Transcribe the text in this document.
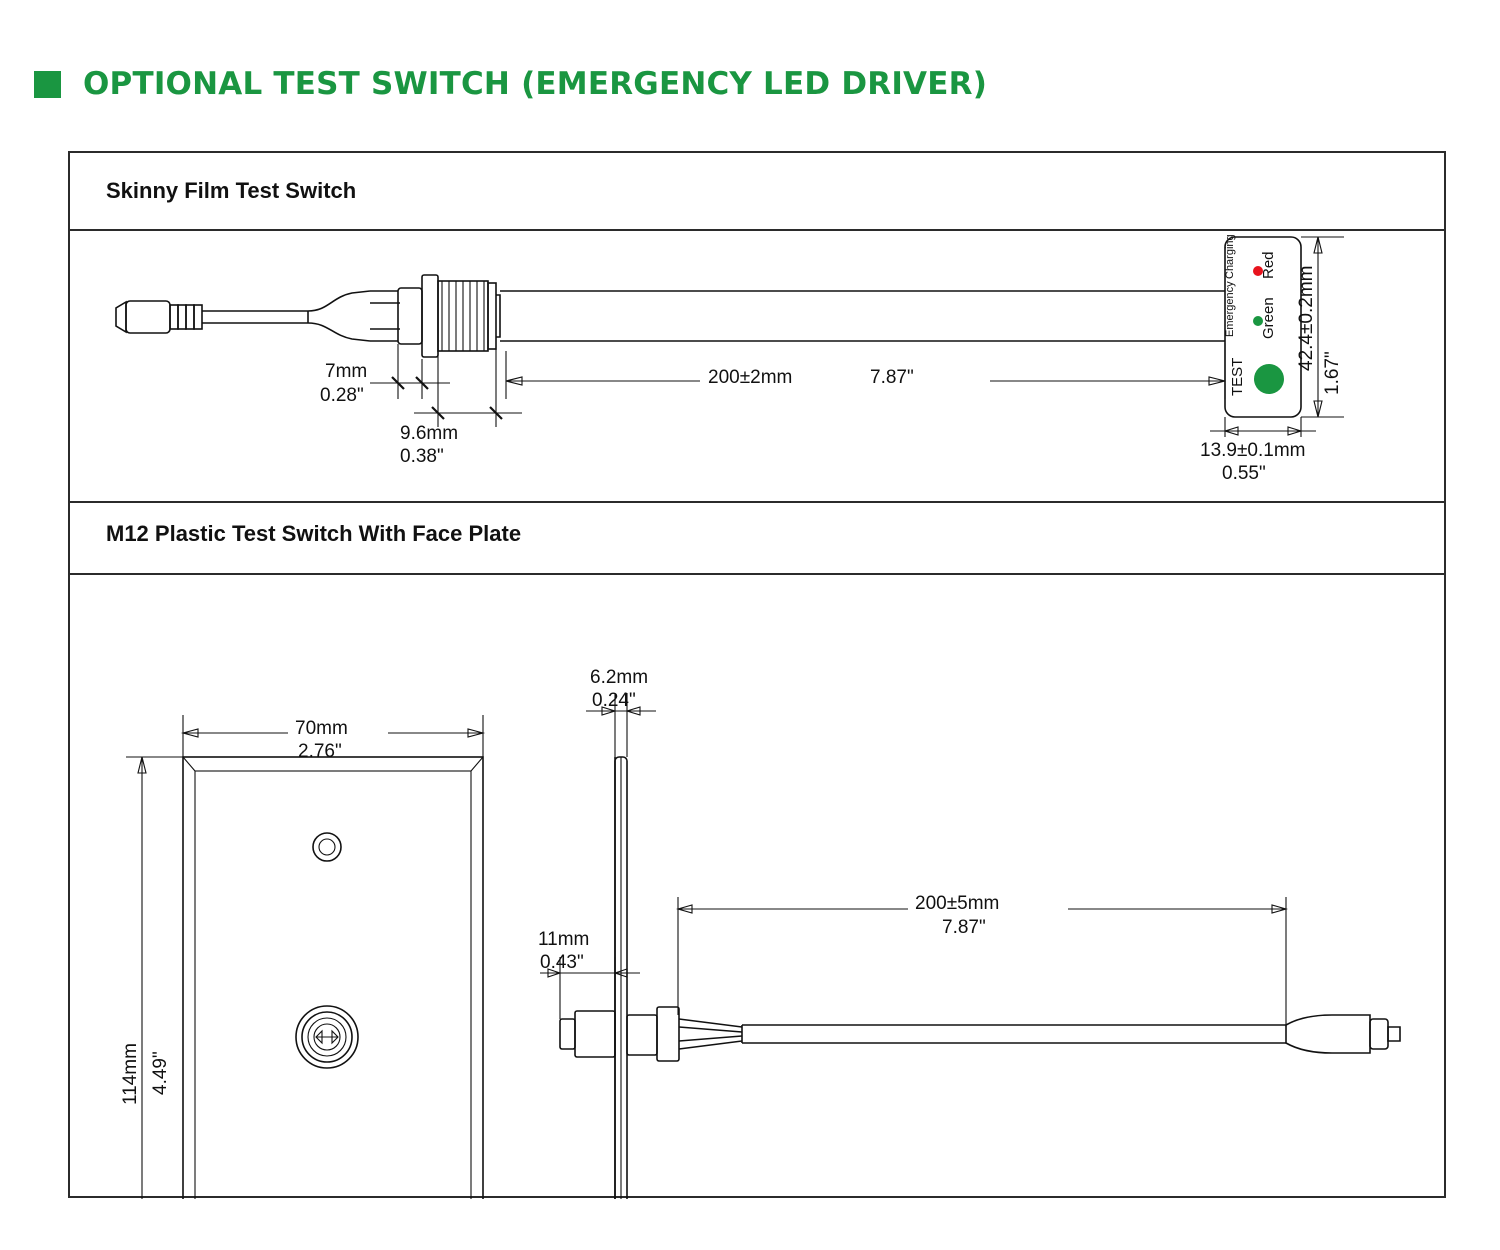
OPTIONAL TEST SWITCH (EMERGENCY LED DRIVER)
Skinny Film Test Switch
M12 Plastic Test Switch With Face Plate
Charging Red
Emergency Green
TEST
7mm
0.28"
9.6mm
0.38"
200±2mm	7.87"
42.4±0.2mm
1.67"
13.9±0.1mm
0.55"
70mm
2.76"
114mm 4.49"
6.2mm
0.24"
11mm
0.43"
200±5mm
7.87"
